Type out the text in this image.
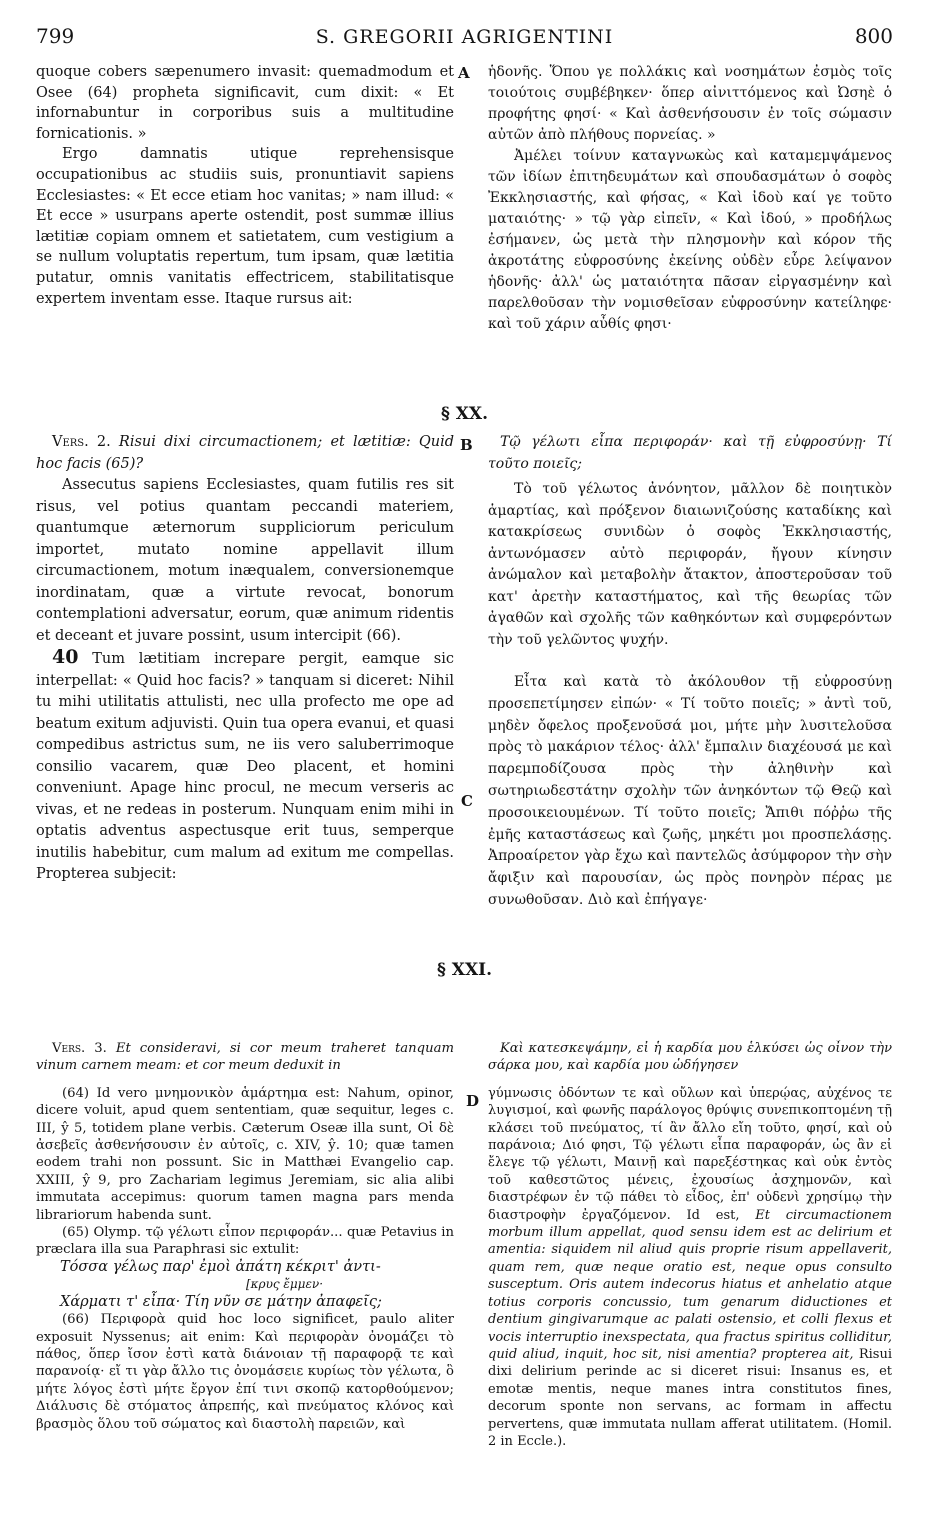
799	S. GREGORII AGRIGENTINI	800
A
B
C
D
§ XX.
§ XXI.

quoque cobers sæpenumero invasit: quemadmodum et Osee (64) propheta significavit, cum dixit: « Et infornabuntur in corporibus suis a multitudine fornicationis. »

Ergo damnatis utique reprehensisque occupationibus ac studiis suis, pronuntiavit sapiens Ecclesiastes: « Et ecce etiam hoc vanitas; » nam illud: « Et ecce » usurpans aperte ostendit, post summæ illius lætitiæ copiam omnem et satietatem, cum vestigium a se nullum voluptatis repertum, tum ipsam, quæ lætitia putatur, omnis vanitatis effectricem, stabilitatisque expertem inventam esse. Itaque rursus ait:

Vers. 2. Risui dixi circumactionem; et lætitiæ: Quid hoc facis (65)?

Assecutus sapiens Ecclesiastes, quam futilis res sit risus, vel potius quantam peccandi materiem, quantumque æternorum suppliciorum periculum importet, mutato nomine appellavit illum circumactionem, motum inæqualem, conversionemque inordinatam, quæ a virtute revocat, bonorum contemplationi adversatur, eorum, quæ animum ridentis et deceant et juvare possint, usum intercipit (66).

40 Tum lætitiam increpare pergit, eamque sic interpellat: « Quid hoc facis? » tanquam si diceret: Nihil tu mihi utilitatis attulisti, nec ulla profecto me ope ad beatum exitum adjuvisti. Quin tua opera evanui, et quasi compedibus astrictus sum, ne iis vero saluberrimoque consilio vacarem, quæ Deo placent, et homini conveniunt. Apage hinc procul, ne mecum verseris ac vivas, et ne redeas in posterum. Nunquam enim mihi in optatis adventus aspectusque erit tuus, semperque inutilis habebitur, cum malum ad exitum me compellas. Propterea subjecit:

Vers. 3. Et consideravi, si cor meum traheret tanquam vinum carnem meam: et cor meum deduxit in

(64) Id vero μνημονικὸν ἁμάρτημα est: Nahum, opinor, dicere voluit, apud quem sententiam, quæ sequitur, leges c. III, ŷ 5, totidem plane verbis. Cæterum Oseæ illa sunt, Οἱ δὲ ἀσεβεῖς ἀσθενήσουσιν ἐν αὐτοῖς, c. XIV, ŷ. 10; quæ tamen eodem trahi non possunt. Sic in Matthæi Evangelio cap. XXIII, ŷ 9, pro Zachariam legimus Jeremiam, sic alia alibi immutata accepimus: quorum tamen magna pars menda librariorum habenda sunt.

(65) Olymp. τῷ γέλωτι εἶπον περιφοράν... quæ Petavius in præclara illa sua Paraphrasi sic extulit:

Τόσσα γέλως παρ' ἐμοὶ ἀπάτη κέκριτ' ἀντι-

[κρυς ἔμμεν·

Χάρματι τ' εἶπα· Τίη νῦν σε μάτην ἀπαφεῖς;

(66) Περιφορὰ quid hoc loco significet, paulo aliter exposuit Nyssenus; ait enim: Καὶ περιφορὰν ὀνομάζει τὸ πάθος, ὅπερ ἴσον ἐστὶ κατὰ διάνοιαν τῇ παραφορᾷ τε καὶ παρανοίᾳ· εἴ τι γὰρ ἄλλο τις ὀνομάσειε κυρίως τὸν γέλωτα, ὃ μήτε λόγος ἐστὶ μήτε ἔργον ἐπί τινι σκοπῷ κατορθούμενον; Διάλυσις δὲ στόματος ἀπρεπής, καὶ πνεύματος κλόνος καὶ βρασμὸς ὅλου τοῦ σώματος καὶ διαστολὴ παρειῶν, καὶ

ἡδονῆς. Ὅπου γε πολλάκις καὶ νοσημάτων ἐσμὸς τοῖς τοιούτοις συμβέβηκεν· ὅπερ αἰνιττόμενος καὶ Ὠσηὲ ὁ προφήτης φησί· « Καὶ ἀσθενήσουσιν ἐν τοῖς σώμασιν αὐτῶν ἀπὸ πλήθους πορνείας. »

Ἀμέλει τοίνυν καταγνωκὼς καὶ καταμεμψάμενος τῶν ἰδίων ἐπιτηδευμάτων καὶ σπουδασμάτων ὁ σοφὸς Ἐκκλησιαστής, καὶ φήσας, « Καὶ ἰδοὺ καί γε τοῦτο ματαιότης· » τῷ γὰρ εἰπεῖν, « Καὶ ἰδού, » προδήλως ἐσήμανεν, ὡς μετὰ τὴν πλησμονὴν καὶ κόρον τῆς ἀκροτάτης εὐφροσύνης ἐκείνης οὐδὲν εὗρε λείψανον ἡδονῆς· ἀλλ' ὡς ματαιότητα πᾶσαν εἰργασμένην καὶ παρελθοῦσαν τὴν νομισθεῖσαν εὐφροσύνην κατείληφε· καὶ τοῦ χάριν αὖθίς φησι·

Τῷ γέλωτι εἶπα περιφοράν· καὶ τῇ εὐφροσύνῃ· Τί τοῦτο ποιεῖς;

Τὸ τοῦ γέλωτος ἀνόνητον, μᾶλλον δὲ ποιητικὸν ἁμαρτίας, καὶ πρόξενον διαιωνιζούσης καταδίκης καὶ κατακρίσεως συνιδὼν ὁ σοφὸς Ἐκκλησιαστής, ἀντωνόμασεν αὐτὸ περιφοράν, ἤγουν κίνησιν ἀνώμαλον καὶ μεταβολὴν ἄτακτον, ἀποστεροῦσαν τοῦ κατ' ἀρετὴν καταστήματος, καὶ τῆς θεωρίας τῶν ἀγαθῶν καὶ σχολῆς τῶν καθηκόντων καὶ συμφερόντων τὴν τοῦ γελῶντος ψυχήν.

Εἶτα καὶ κατὰ τὸ ἀκόλουθον τῇ εὐφροσύνῃ προσεπετίμησεν εἰπών· « Τί τοῦτο ποιεῖς; » ἀντὶ τοῦ, μηδὲν ὄφελος προξενοῦσά μοι, μήτε μὴν λυσιτελοῦσα πρὸς τὸ μακάριον τέλος· ἀλλ' ἔμπαλιν διαχέουσά με καὶ παρεμποδίζουσα πρὸς τὴν ἀληθινὴν καὶ σωτηριωδεστάτην σχολὴν τῶν ἀνηκόντων τῷ Θεῷ καὶ προσοικειουμένων. Τί τοῦτο ποιεῖς; Ἄπιθι πόῤῥω τῆς ἐμῆς καταστάσεως καὶ ζωῆς, μηκέτι μοι προσπελάσῃς. Ἀπροαίρετον γὰρ ἔχω καὶ παντελῶς ἀσύμφορον τὴν σὴν ἄφιξιν καὶ παρουσίαν, ὡς πρὸς πονηρὸν πέρας με συνωθοῦσαν. Διὸ καὶ ἐπήγαγε·

Καὶ κατεσκεψάμην, εἰ ἡ καρδία μου ἑλκύσει ὡς οἶνον τὴν σάρκα μου, καὶ καρδία μου ὡδήγησεν

γύμνωσις ὀδόντων τε καὶ οὔλων καὶ ὑπερῴας, αὐχένος τε λυγισμοί, καὶ φωνῆς παράλογος θρύψις συνεπικοπτομένη τῇ κλάσει τοῦ πνεύματος, τί ἂν ἄλλο εἴη τοῦτο, φησί, καὶ οὐ παράνοια; Διό φησι, Τῷ γέλωτι εἶπα παραφοράν, ὡς ἂν εἰ ἔλεγε τῷ γέλωτι, Μαινῇ καὶ παρεξέστηκας καὶ οὐκ ἐντὸς τοῦ καθεστῶτος μένεις, ἐχουσίως ἀσχημονῶν, καὶ διαστρέφων ἐν τῷ πάθει τὸ εἶδος, ἐπ' οὐδενὶ χρησίμῳ τὴν διαστροφὴν ἐργαζόμενον. Id est, Et circumactionem morbum illum appellat, quod sensu idem est ac delirium et amentia: siquidem nil aliud quis proprie risum appellaverit, quam rem, quæ neque oratio est, neque opus consulto susceptum. Oris autem indecorus hiatus et anhelatio atque totius corporis concussio, tum genarum diductiones et dentium gingivarumque ac palati ostensio, et colli flexus et vocis interruptio inexspectata, qua fractus spiritus colliditur, quid aliud, inquit, hoc sit, nisi amentia? propterea ait, Risui dixi delirium perinde ac si diceret risui: Insanus es, et emotæ mentis, neque manes intra constitutos fines, decorum sponte non servans, ac formam in affectu pervertens, quæ immutata nullam afferat utilitatem. (Homil. 2 in Eccle.).
